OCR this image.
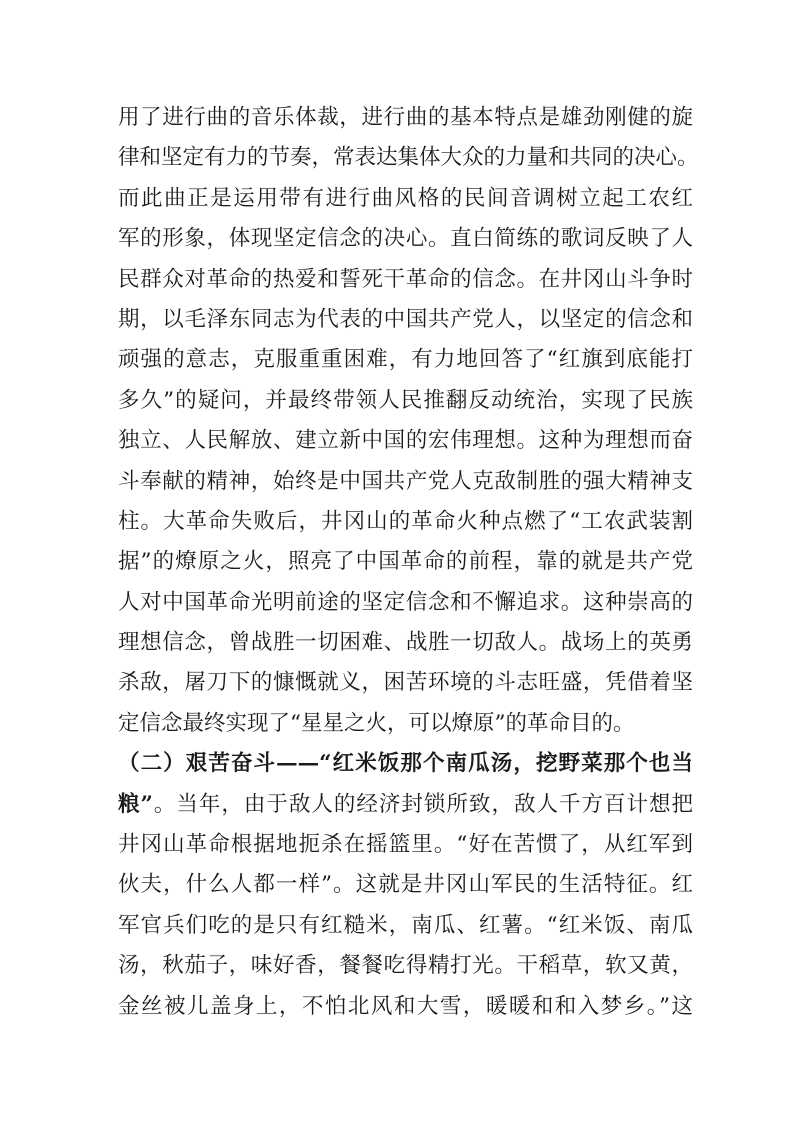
用了进行曲的音乐体裁，进行曲的基本特点是雄劲刚健的旋
律和坚定有力的节奏，常表达集体大众的力量和共同的决心。
而此曲正是运用带有进行曲风格的民间音调树立起工农红
军的形象，体现坚定信念的决心。直白简练的歌词反映了人
民群众对革命的热爱和誓死干革命的信念。在井冈山斗争时
期，以毛泽东同志为代表的中国共产党人，以坚定的信念和
顽强的意志，克服重重困难，有力地回答了“红旗到底能打
多久”的疑问，并最终带领人民推翻反动统治，实现了民族
独立、人民解放、建立新中国的宏伟理想。这种为理想而奋
斗奉献的精神，始终是中国共产党人克敌制胜的强大精神支
柱。大革命失败后，井冈山的革命火种点燃了“工农武装割
据”的燎原之火，照亮了中国革命的前程，靠的就是共产党
人对中国革命光明前途的坚定信念和不懈追求。这种崇高的
理想信念，曾战胜一切困难、战胜一切敌人。战场上的英勇
杀敌，屠刀下的慷慨就义，困苦环境的斗志旺盛，凭借着坚
定信念最终实现了“星星之火，可以燎原”的革命目的。
（二）艰苦奋斗——“红米饭那个南瓜汤，挖野菜那个也当
粮”。当年，由于敌人的经济封锁所致，敌人千方百计想把
井冈山革命根据地扼杀在摇篮里。“好在苦惯了，从红军到
伙夫，什么人都一样”。这就是井冈山军民的生活特征。红
军官兵们吃的是只有红糙米，南瓜、红薯。“红米饭、南瓜
汤，秋茄子，味好香，餐餐吃得精打光。干稻草，软又黄，
金丝被儿盖身上，不怕北风和大雪，暖暖和和入梦乡。”这
